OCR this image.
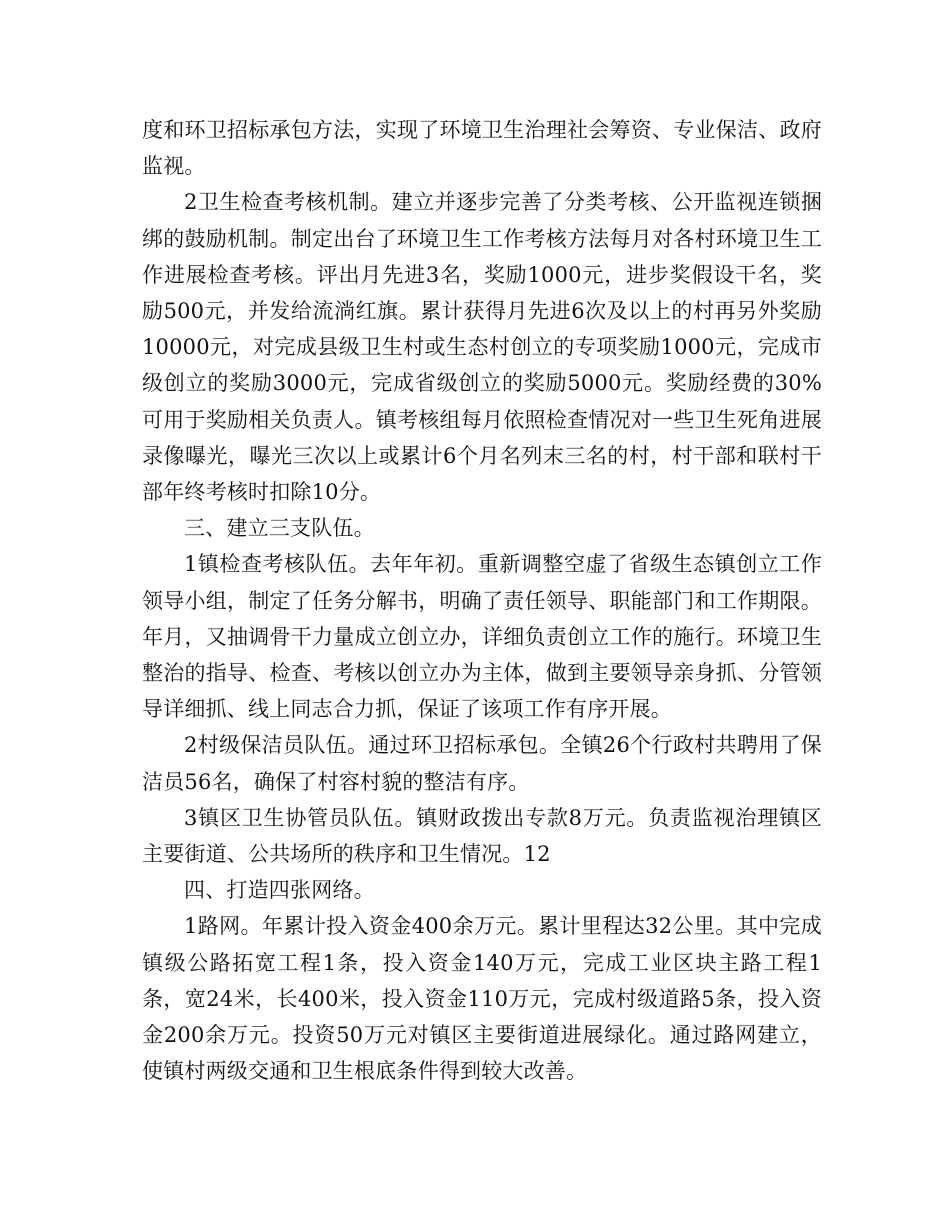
度和环卫招标承包方法，实现了环境卫生治理社会筹资、专业保洁、政府监视。

2卫生检查考核机制。建立并逐步完善了分类考核、公开监视连锁捆绑的鼓励机制。制定出台了环境卫生工作考核方法每月对各村环境卫生工作进展检查考核。评出月先进3名，奖励1000元，进步奖假设干名，奖励500元，并发给流淌红旗。累计获得月先进6次及以上的村再另外奖励10000元，对完成县级卫生村或生态村创立的专项奖励1000元，完成市级创立的奖励3000元，完成省级创立的奖励5000元。奖励经费的30%可用于奖励相关负责人。镇考核组每月依照检查情况对一些卫生死角进展录像曝光，曝光三次以上或累计6个月名列末三名的村，村干部和联村干部年终考核时扣除10分。

三、建立三支队伍。

1镇检查考核队伍。去年年初。重新调整空虚了省级生态镇创立工作领导小组，制定了任务分解书，明确了责任领导、职能部门和工作期限。年月，又抽调骨干力量成立创立办，详细负责创立工作的施行。环境卫生整治的指导、检查、考核以创立办为主体，做到主要领导亲身抓、分管领导详细抓、线上同志合力抓，保证了该项工作有序开展。

2村级保洁员队伍。通过环卫招标承包。全镇26个行政村共聘用了保洁员56名，确保了村容村貌的整洁有序。

3镇区卫生协管员队伍。镇财政拨出专款8万元。负责监视治理镇区主要街道、公共场所的秩序和卫生情况。12

四、打造四张网络。

1路网。年累计投入资金400余万元。累计里程达32公里。其中完成镇级公路拓宽工程1条，投入资金140万元，完成工业区块主路工程1条，宽24米，长400米，投入资金110万元，完成村级道路5条，投入资金200余万元。投资50万元对镇区主要街道进展绿化。通过路网建立，使镇村两级交通和卫生根底条件得到较大改善。
